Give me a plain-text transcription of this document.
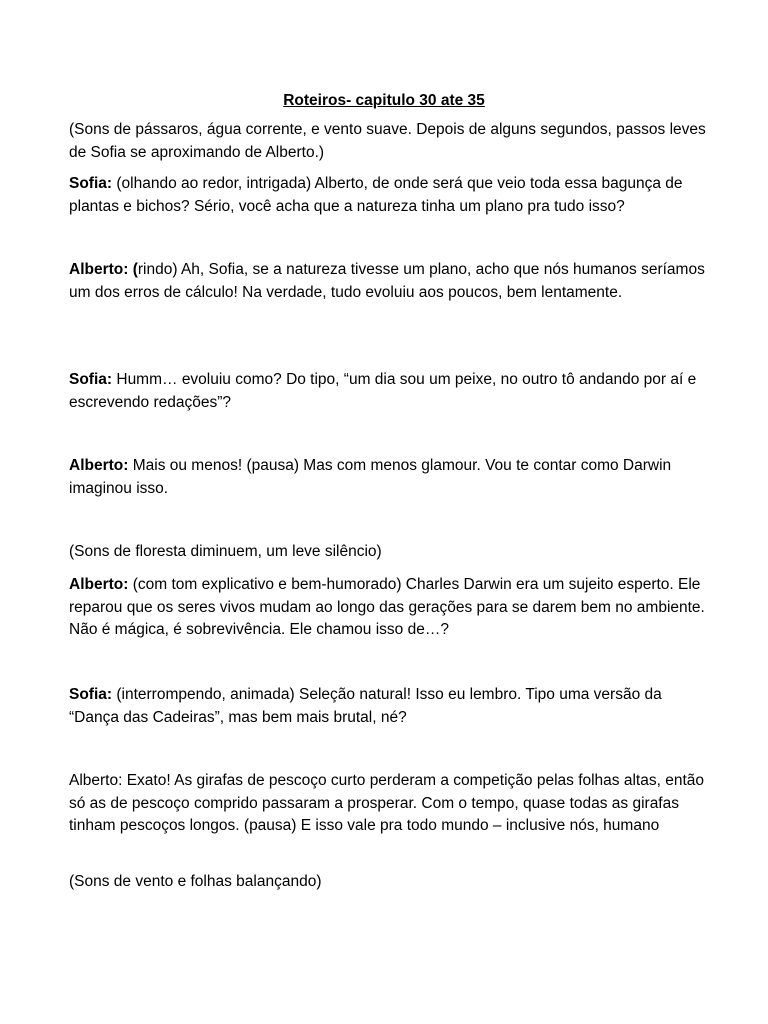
Roteiros- capitulo 30 ate 35

(Sons de pássaros, água corrente, e vento suave. Depois de alguns segundos, passos leves de Sofia se aproximando de Alberto.)

Sofia: (olhando ao redor, intrigada) Alberto, de onde será que veio toda essa bagunça de plantas e bichos? Sério, você acha que a natureza tinha um plano pra tudo isso?

Alberto: (rindo) Ah, Sofia, se a natureza tivesse um plano, acho que nós humanos seríamos um dos erros de cálculo! Na verdade, tudo evoluiu aos poucos, bem lentamente.

Sofia: Humm… evoluiu como? Do tipo, “um dia sou um peixe, no outro tô andando por aí e escrevendo redações”?

Alberto: Mais ou menos! (pausa) Mas com menos glamour. Vou te contar como Darwin imaginou isso.

(Sons de floresta diminuem, um leve silêncio)

Alberto: (com tom explicativo e bem-humorado) Charles Darwin era um sujeito esperto. Ele reparou que os seres vivos mudam ao longo das gerações para se darem bem no ambiente. Não é mágica, é sobrevivência. Ele chamou isso de…?

Sofia: (interrompendo, animada) Seleção natural! Isso eu lembro. Tipo uma versão da “Dança das Cadeiras”, mas bem mais brutal, né?

Alberto: Exato! As girafas de pescoço curto perderam a competição pelas folhas altas, então só as de pescoço comprido passaram a prosperar. Com o tempo, quase todas as girafas tinham pescoços longos. (pausa) E isso vale pra todo mundo – inclusive nós, humano

(Sons de vento e folhas balançando)
